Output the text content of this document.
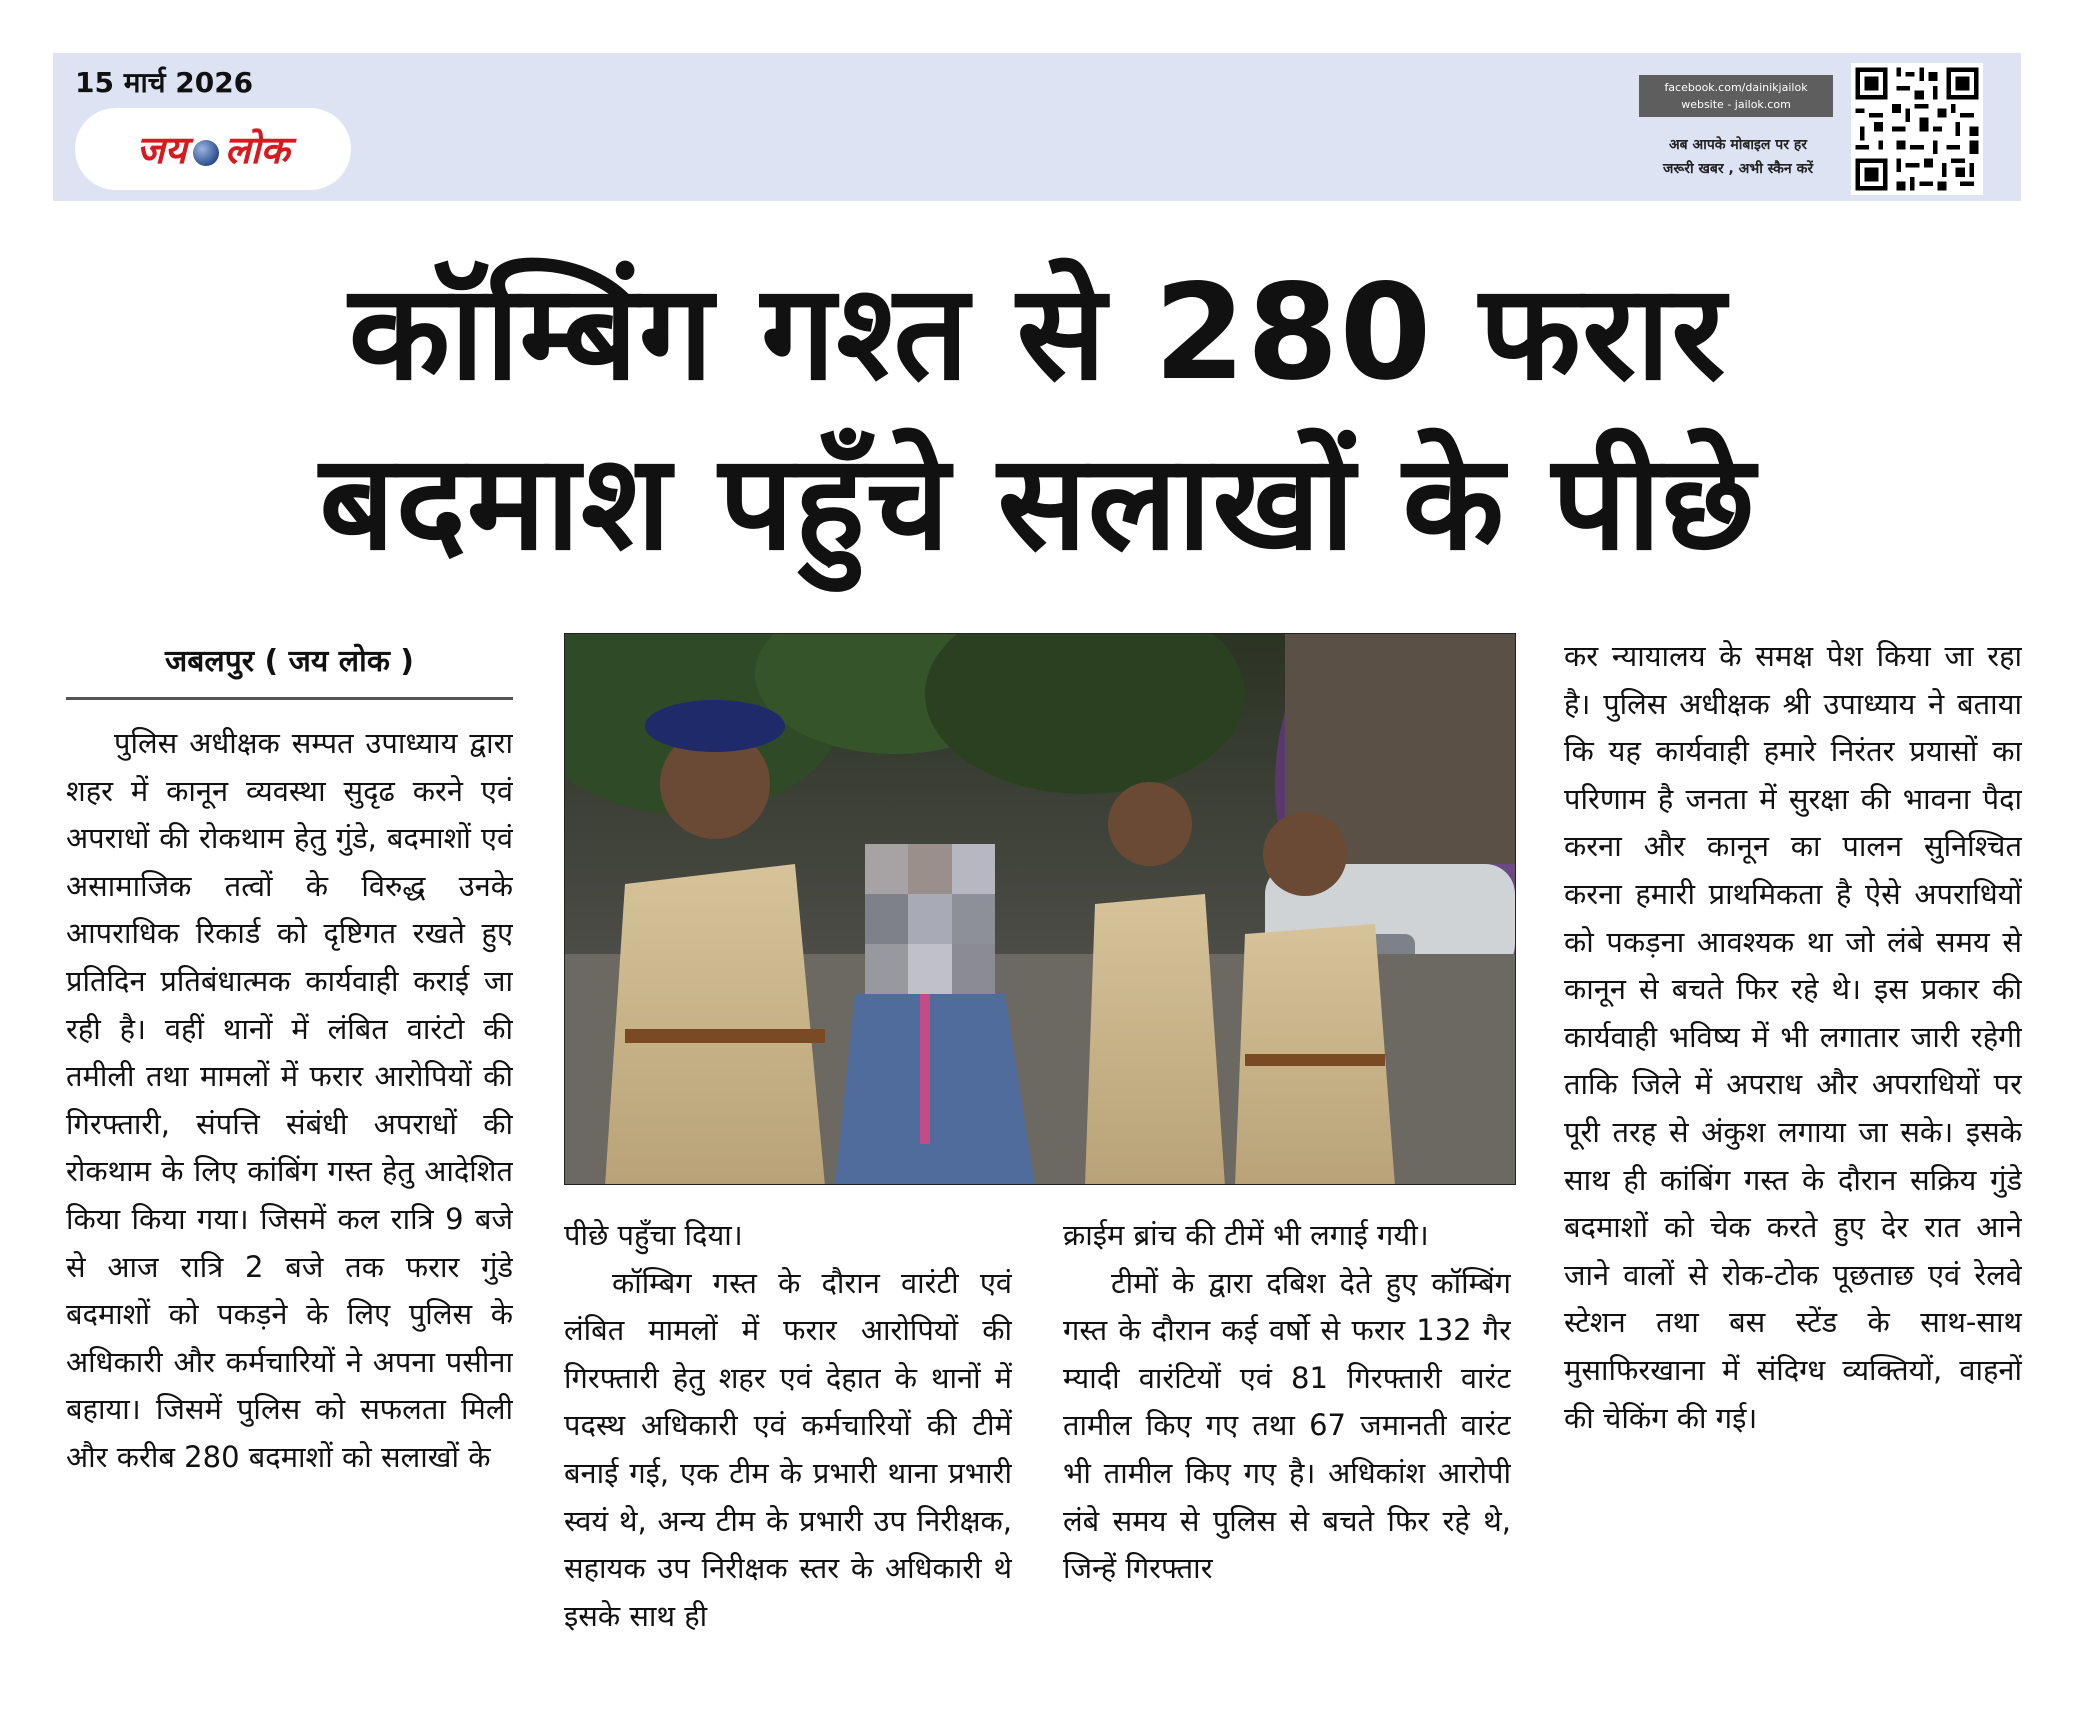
15 मार्च 2026
जय लोक
facebook.com/dainikjailok
website - jailok.com
अब आपके मोबाइल पर हर
जरूरी खबर , अभी स्कैन करें
कॉम्बिंग गश्त से 280 फरार
बदमाश पहुँचे सलाखों के पीछे
जबलपुर ( जय लोक )

पुलिस अधीक्षक सम्पत उपाध्याय द्वारा शहर में कानून व्यवस्था सुदृढ करने एवं अपराधों की रोकथाम हेतु गुंडे, बदमाशों एवं असामाजिक तत्वों के विरुद्ध उनके आपराधिक रिकार्ड को दृष्टिगत रखते हुए प्रतिदिन प्रतिबंधात्मक कार्यवाही कराई जा रही है। वहीं थानों में लंबित वारंटो की तमीली तथा मामलों में फरार आरोपियों की गिरफ्तारी, संपत्ति संबंधी अपराधों की रोकथाम के लिए कांबिंग गस्त हेतु आदेशित किया किया गया। जिसमें कल रात्रि 9 बजे से आज रात्रि 2 बजे तक फरार गुंडे बदमाशों को पकड़ने के लिए पुलिस के अधिकारी और कर्मचारियों ने अपना पसीना बहाया। जिसमें पुलिस को सफलता मिली और करीब 280 बदमाशों को सलाखों के

पीछे पहुँचा दिया।

कॉम्बिग गस्त के दौरान वारंटी एवं लंबित मामलों में फरार आरोपियों की गिरफ्तारी हेतु शहर एवं देहात के थानों में पदस्थ अधिकारी एवं कर्मचारियों की टीमें बनाई गई, एक टीम के प्रभारी थाना प्रभारी स्वयं थे, अन्य टीम के प्रभारी उप निरीक्षक, सहायक उप निरीक्षक स्तर के अधिकारी थे इसके साथ ही

क्राईम ब्रांच की टीमें भी लगाई गयी।

टीमों के द्वारा दबिश देते हुए कॉम्बिंग गस्त के दौरान कई वर्षो से फरार 132 गैर म्यादी वारंटियों एवं 81 गिरफ्तारी वारंट तामील किए गए तथा 67 जमानती वारंट भी तामील किए गए है। अधिकांश आरोपी लंबे समय से पुलिस से बचते फिर रहे थे, जिन्हें गिरफ्तार

कर न्यायालय के समक्ष पेश किया जा रहा है। पुलिस अधीक्षक श्री उपाध्याय ने बताया कि यह कार्यवाही हमारे निरंतर प्रयासों का परिणाम है जनता में सुरक्षा की भावना पैदा करना और कानून का पालन सुनिश्चित करना हमारी प्राथमिकता है ऐसे अपराधियों को पकड़ना आवश्यक था जो लंबे समय से कानून से बचते फिर रहे थे। इस प्रकार की कार्यवाही भविष्य में भी लगातार जारी रहेगी ताकि जिले में अपराध और अपराधियों पर पूरी तरह से अंकुश लगाया जा सके। इसके साथ ही कांबिंग गस्त के दौरान सक्रिय गुंडे बदमाशों को चेक करते हुए देर रात आने जाने वालों से रोक-टोक पूछताछ एवं रेलवे स्टेशन तथा बस स्टेंड के साथ-साथ मुसाफिरखाना में संदिग्ध व्यक्तियों, वाहनों की चेकिंग की गई।
